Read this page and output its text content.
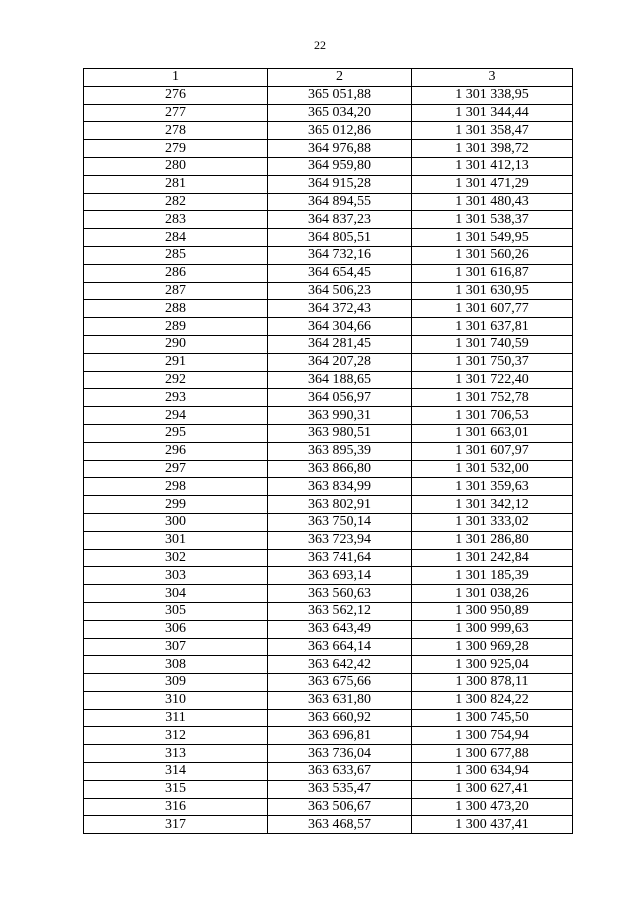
22
1	2	3
276	365 051,88	1 301 338,95
277	365 034,20	1 301 344,44
278	365 012,86	1 301 358,47
279	364 976,88	1 301 398,72
280	364 959,80	1 301 412,13
281	364 915,28	1 301 471,29
282	364 894,55	1 301 480,43
283	364 837,23	1 301 538,37
284	364 805,51	1 301 549,95
285	364 732,16	1 301 560,26
286	364 654,45	1 301 616,87
287	364 506,23	1 301 630,95
288	364 372,43	1 301 607,77
289	364 304,66	1 301 637,81
290	364 281,45	1 301 740,59
291	364 207,28	1 301 750,37
292	364 188,65	1 301 722,40
293	364 056,97	1 301 752,78
294	363 990,31	1 301 706,53
295	363 980,51	1 301 663,01
296	363 895,39	1 301 607,97
297	363 866,80	1 301 532,00
298	363 834,99	1 301 359,63
299	363 802,91	1 301 342,12
300	363 750,14	1 301 333,02
301	363 723,94	1 301 286,80
302	363 741,64	1 301 242,84
303	363 693,14	1 301 185,39
304	363 560,63	1 301 038,26
305	363 562,12	1 300 950,89
306	363 643,49	1 300 999,63
307	363 664,14	1 300 969,28
308	363 642,42	1 300 925,04
309	363 675,66	1 300 878,11
310	363 631,80	1 300 824,22
311	363 660,92	1 300 745,50
312	363 696,81	1 300 754,94
313	363 736,04	1 300 677,88
314	363 633,67	1 300 634,94
315	363 535,47	1 300 627,41
316	363 506,67	1 300 473,20
317	363 468,57	1 300 437,41
